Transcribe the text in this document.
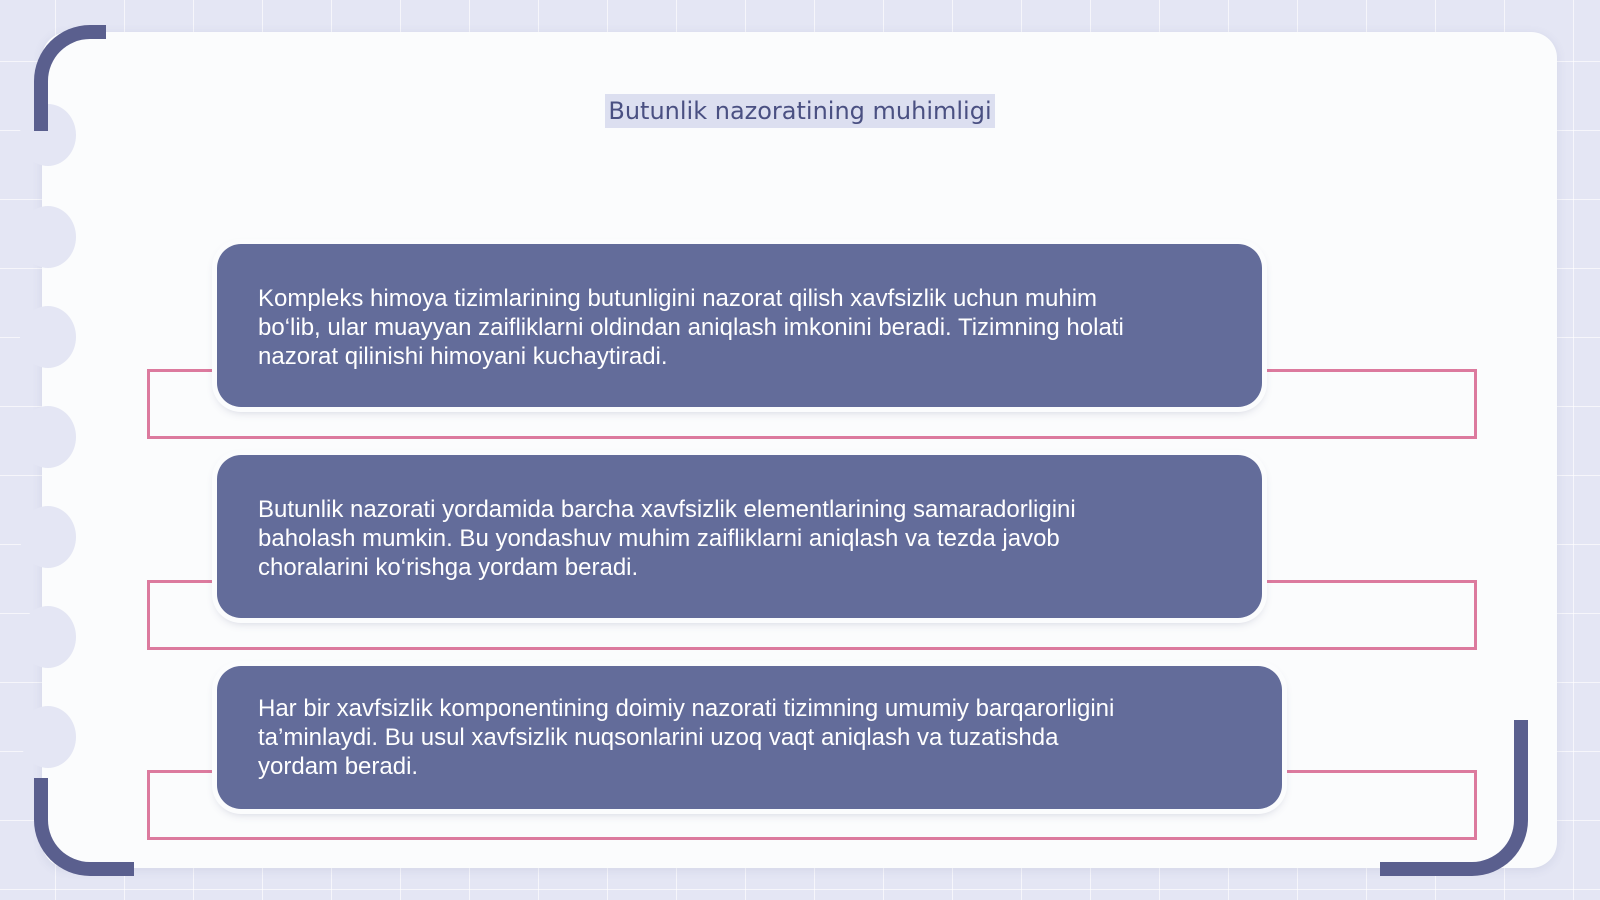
Butunlik nazoratining muhimligi

Kompleks himoya tizimlarining butunligini nazorat qilish xavfsizlik uchun muhim
bo‘lib, ular muayyan zaifliklarni oldindan aniqlash imkonini beradi. Tizimning holati
nazorat qilinishi himoyani kuchaytiradi.

Butunlik nazorati yordamida barcha xavfsizlik elementlarining samaradorligini
baholash mumkin. Bu yondashuv muhim zaifliklarni aniqlash va tezda javob
choralarini ko‘rishga yordam beradi.

Har bir xavfsizlik komponentining doimiy nazorati tizimning umumiy barqarorligini
ta’minlaydi. Bu usul xavfsizlik nuqsonlarini uzoq vaqt aniqlash va tuzatishda
yordam beradi.
